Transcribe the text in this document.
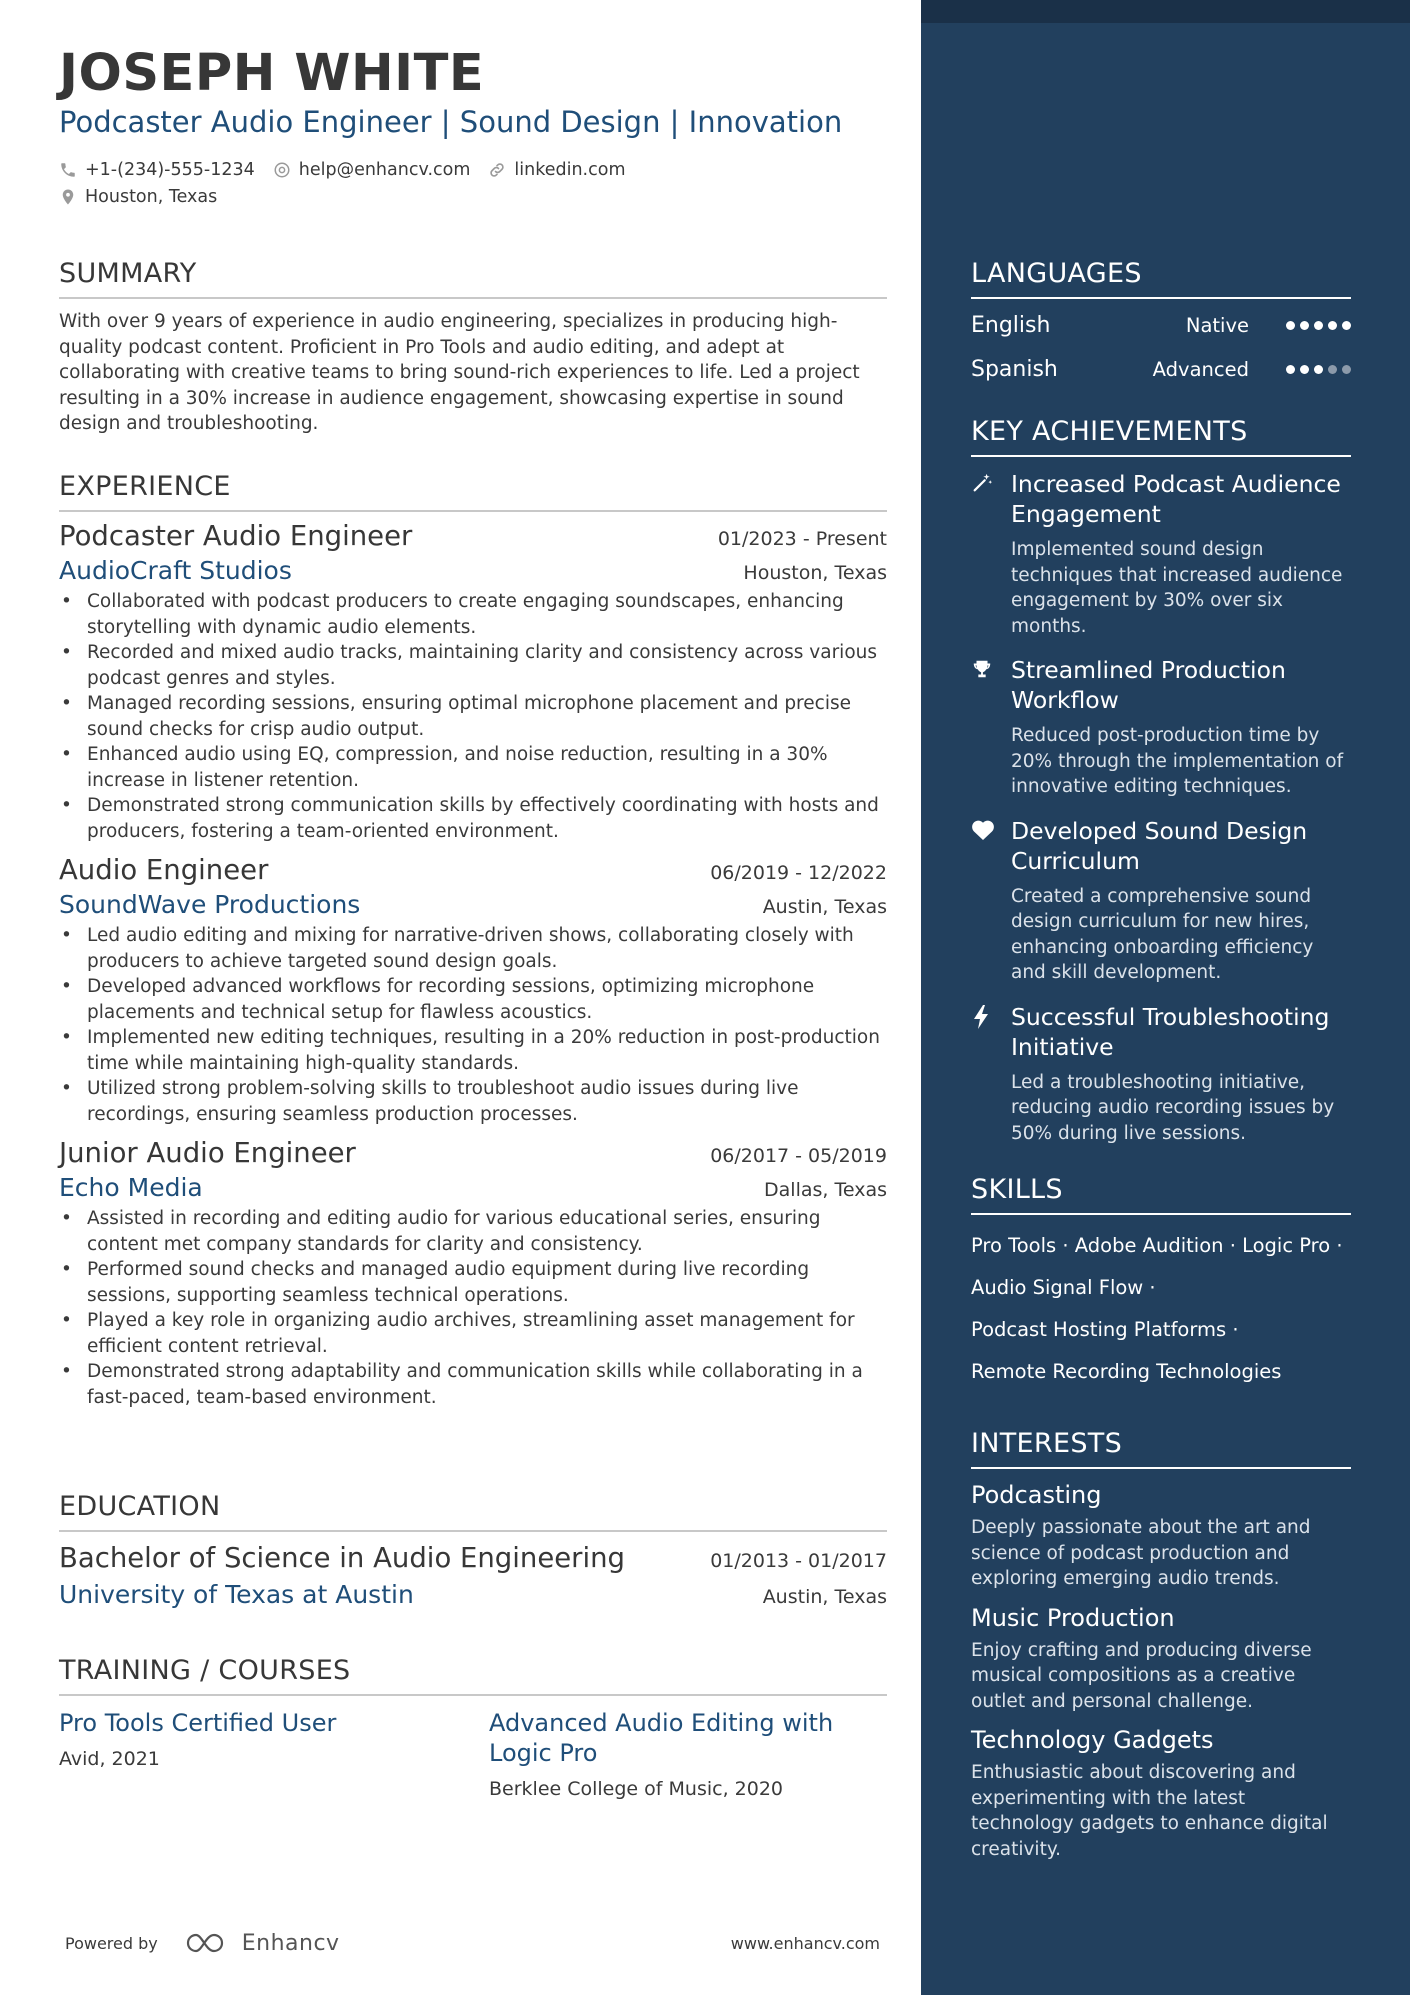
JOSEPH WHITE
Podcaster Audio Engineer | Sound Design | Innovation
+1-(234)-555-1234	help@enhancv.com	linkedin.com
Houston, Texas
SUMMARY
With over 9 years of experience in audio engineering, specializes in producing high-quality podcast content. Proficient in Pro Tools and audio editing, and adept at collaborating with creative teams to bring sound-rich experiences to life. Led a project resulting in a 30% increase in audience engagement, showcasing expertise in sound design and troubleshooting.
EXPERIENCE
Podcaster Audio Engineer	01/2023 - Present
AudioCraft Studios	Houston, Texas
• Collaborated with podcast producers to create engaging soundscapes, enhancing storytelling with dynamic audio elements.
• Recorded and mixed audio tracks, maintaining clarity and consistency across various podcast genres and styles.
• Managed recording sessions, ensuring optimal microphone placement and precise sound checks for crisp audio output.
• Enhanced audio using EQ, compression, and noise reduction, resulting in a 30% increase in listener retention.
• Demonstrated strong communication skills by effectively coordinating with hosts and producers, fostering a team-oriented environment.
Audio Engineer	06/2019 - 12/2022
SoundWave Productions	Austin, Texas
• Led audio editing and mixing for narrative-driven shows, collaborating closely with producers to achieve targeted sound design goals.
• Developed advanced workflows for recording sessions, optimizing microphone placements and technical setup for flawless acoustics.
• Implemented new editing techniques, resulting in a 20% reduction in post-production time while maintaining high-quality standards.
• Utilized strong problem-solving skills to troubleshoot audio issues during live recordings, ensuring seamless production processes.
Junior Audio Engineer	06/2017 - 05/2019
Echo Media	Dallas, Texas
• Assisted in recording and editing audio for various educational series, ensuring content met company standards for clarity and consistency.
• Performed sound checks and managed audio equipment during live recording sessions, supporting seamless technical operations.
• Played a key role in organizing audio archives, streamlining asset management for efficient content retrieval.
• Demonstrated strong adaptability and communication skills while collaborating in a fast-paced, team-based environment.
EDUCATION
Bachelor of Science in Audio Engineering	01/2013 - 01/2017
University of Texas at Austin	Austin, Texas
TRAINING / COURSES
Pro Tools Certified User
Avid, 2021
Advanced Audio Editing with Logic Pro
Berklee College of Music, 2020
Powered by	Enhancv	www.enhancv.com
LANGUAGES
English	Native
Spanish	Advanced
KEY ACHIEVEMENTS
Increased Podcast Audience Engagement
Implemented sound design techniques that increased audience engagement by 30% over six months.
Streamlined Production Workflow
Reduced post-production time by 20% through the implementation of innovative editing techniques.
Developed Sound Design Curriculum
Created a comprehensive sound design curriculum for new hires, enhancing onboarding efficiency and skill development.
Successful Troubleshooting Initiative
Led a troubleshooting initiative, reducing audio recording issues by 50% during live sessions.
SKILLS
Pro Tools · Adobe Audition · Logic Pro ·
Audio Signal Flow ·
Podcast Hosting Platforms ·
Remote Recording Technologies
INTERESTS
Podcasting
Deeply passionate about the art and science of podcast production and exploring emerging audio trends.
Music Production
Enjoy crafting and producing diverse musical compositions as a creative outlet and personal challenge.
Technology Gadgets
Enthusiastic about discovering and experimenting with the latest technology gadgets to enhance digital creativity.
